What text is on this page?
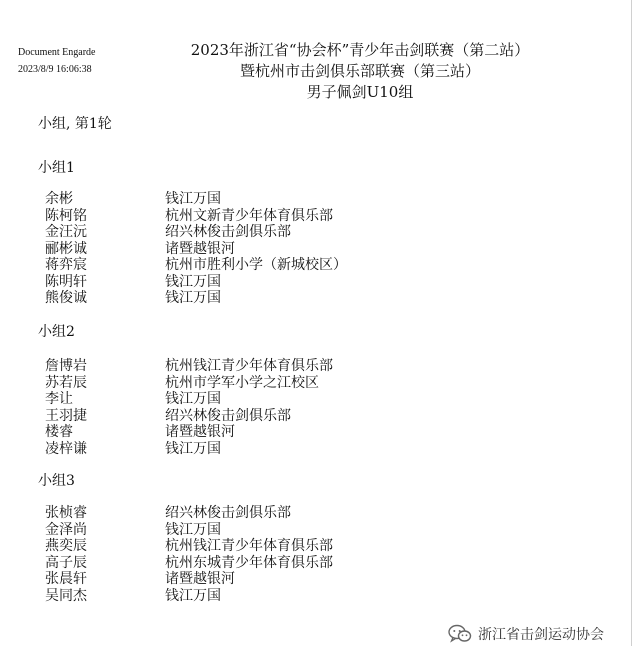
Document Engarde
2023/8/9 16:06:38
2023年浙江省“协会杯”青少年击剑联赛（第二站）
暨杭州市击剑俱乐部联赛（第三站）
男子佩剑U10组
小组, 第1轮
小组1
余彬	钱江万国
陈柯铭	杭州文新青少年体育俱乐部
金汪沅	绍兴林俊击剑俱乐部
郦彬诚	诸暨越银河
蒋弈宸	杭州市胜利小学（新城校区）
陈明轩	钱江万国
熊俊诚	钱江万国
小组2
詹博岩	杭州钱江青少年体育俱乐部
苏若辰	杭州市学军小学之江校区
李让	钱江万国
王羽捷	绍兴林俊击剑俱乐部
楼睿	诸暨越银河
凌梓谦	钱江万国
小组3
张桢睿	绍兴林俊击剑俱乐部
金泽尚	钱江万国
燕奕辰	杭州钱江青少年体育俱乐部
高子辰	杭州东城青少年体育俱乐部
张晨轩	诸暨越银河
吴同杰	钱江万国
浙江省击剑运动协会
